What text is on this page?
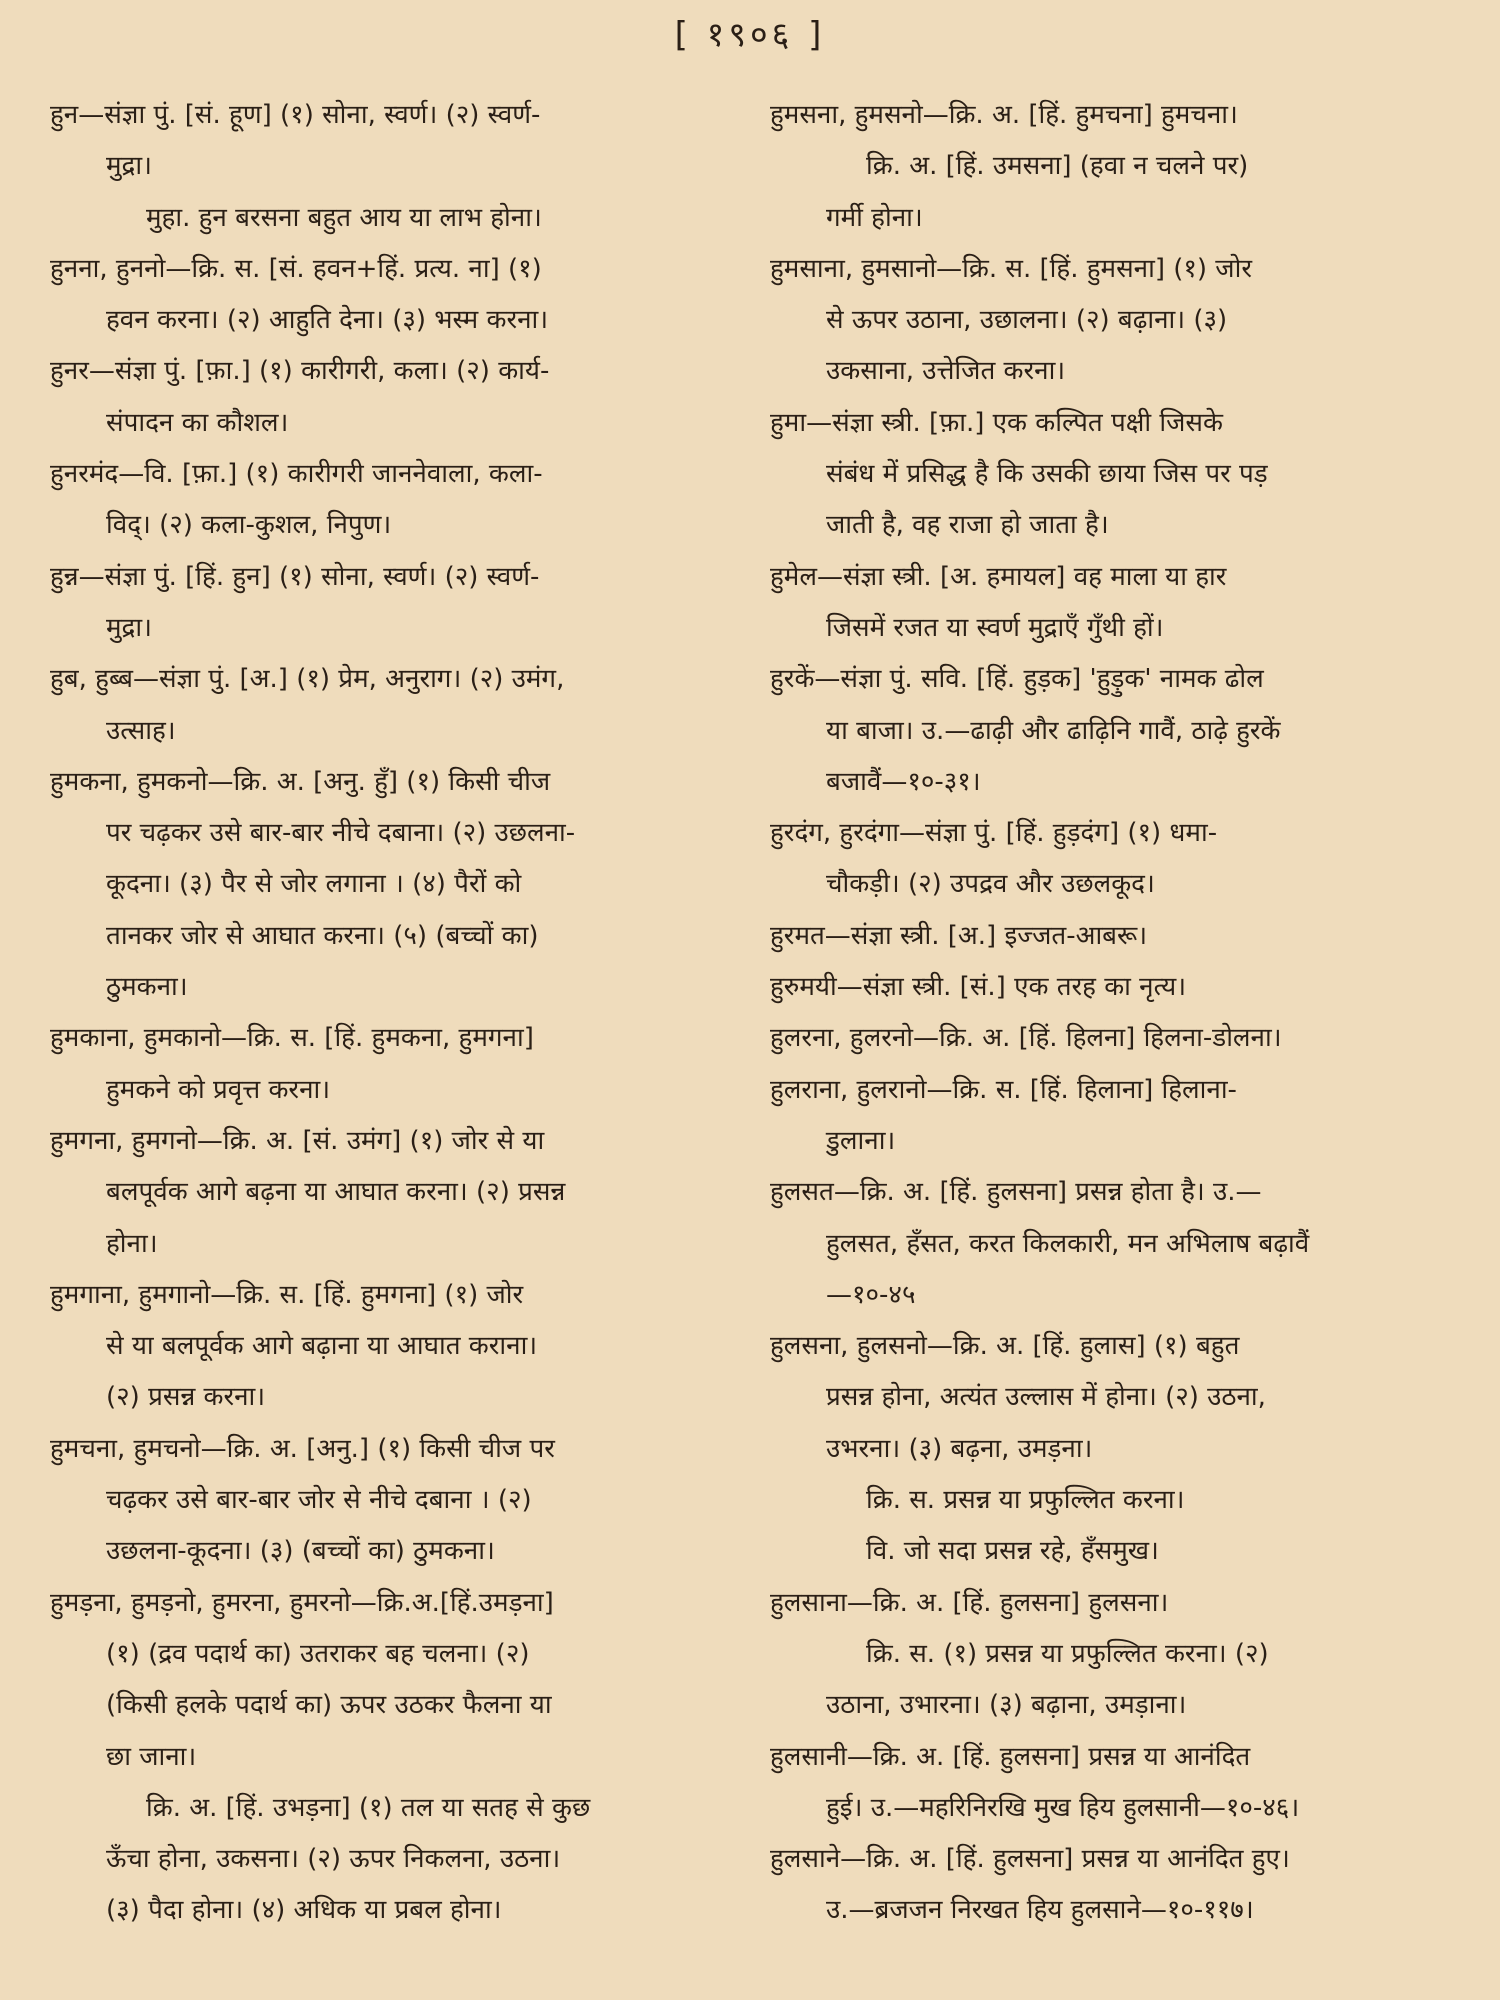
[ १९०६ ]
हुन—संज्ञा पुं. [सं. हूण] (१) सोना, स्वर्ण। (२) स्वर्ण-
मुद्रा।
मुहा. हुन बरसना बहुत आय या लाभ होना।
हुनना, हुननो—क्रि. स. [सं. हवन+हिं. प्रत्य. ना] (१)
हवन करना। (२) आहुति देना। (३) भस्म करना।
हुनर—संज्ञा पुं. [फ़ा.] (१) कारीगरी, कला। (२) कार्य-
संपादन का कौशल।
हुनरमंद—वि. [फ़ा.] (१) कारीगरी जाननेवाला, कला-
विद्। (२) कला-कुशल, निपुण।
हुन्न—संज्ञा पुं. [हिं. हुन] (१) सोना, स्वर्ण। (२) स्वर्ण-
मुद्रा।
हुब, हुब्ब—संज्ञा पुं. [अ.] (१) प्रेम, अनुराग। (२) उमंग,
उत्साह।
हुमकना, हुमकनो—क्रि. अ. [अनु. हुँ] (१) किसी चीज
पर चढ़कर उसे बार-बार नीचे दबाना। (२) उछलना-
कूदना। (३) पैर से जोर लगाना । (४) पैरों को
तानकर जोर से आघात करना। (५) (बच्चों का)
ठुमकना।
हुमकाना, हुमकानो—क्रि. स. [हिं. हुमकना, हुमगना]
हुमकने को प्रवृत्त करना।
हुमगना, हुमगनो—क्रि. अ. [सं. उमंग] (१) जोर से या
बलपूर्वक आगे बढ़ना या आघात करना। (२) प्रसन्न
होना।
हुमगाना, हुमगानो—क्रि. स. [हिं. हुमगना] (१) जोर
से या बलपूर्वक आगे बढ़ाना या आघात कराना।
(२) प्रसन्न करना।
हुमचना, हुमचनो—क्रि. अ. [अनु.] (१) किसी चीज पर
चढ़कर उसे बार-बार जोर से नीचे दबाना । (२)
उछलना-कूदना। (३) (बच्चों का) ठुमकना।
हुमड़ना, हुमड़नो, हुमरना, हुमरनो—क्रि.अ.[हिं.उमड़ना]
(१) (द्रव पदार्थ का) उतराकर बह चलना। (२)
(किसी हलके पदार्थ का) ऊपर उठकर फैलना या
छा जाना।
क्रि. अ. [हिं. उभड़ना] (१) तल या सतह से कुछ
ऊँचा होना, उकसना। (२) ऊपर निकलना, उठना।
(३) पैदा होना। (४) अधिक या प्रबल होना।
हुमसना, हुमसनो—क्रि. अ. [हिं. हुमचना] हुमचना।
क्रि. अ. [हिं. उमसना] (हवा न चलने पर)
गर्मी होना।
हुमसाना, हुमसानो—क्रि. स. [हिं. हुमसना] (१) जोर
से ऊपर उठाना, उछालना। (२) बढ़ाना। (३)
उकसाना, उत्तेजित करना।
हुमा—संज्ञा स्त्री. [फ़ा.] एक कल्पित पक्षी जिसके
संबंध में प्रसिद्ध है कि उसकी छाया जिस पर पड़
जाती है, वह राजा हो जाता है।
हुमेल—संज्ञा स्त्री. [अ. हमायल] वह माला या हार
जिसमें रजत या स्वर्ण मुद्राएँ गुँथी हों।
हुरकें—संज्ञा पुं. सवि. [हिं. हुड़क] 'हुड़ुक' नामक ढोल
या बाजा। उ.—ढाढ़ी और ढाढ़िनि गावैं, ठाढ़े हुरकें
बजावैं—१०-३१।
हुरदंग, हुरदंगा—संज्ञा पुं. [हिं. हुड़दंग] (१) धमा-
चौकड़ी। (२) उपद्रव और उछलकूद।
हुरमत—संज्ञा स्त्री. [अ.] इज्जत-आबरू।
हुरुमयी—संज्ञा स्त्री. [सं.] एक तरह का नृत्य।
हुलरना, हुलरनो—क्रि. अ. [हिं. हिलना] हिलना-डोलना।
हुलराना, हुलरानो—क्रि. स. [हिं. हिलाना] हिलाना-
डुलाना।
हुलसत—क्रि. अ. [हिं. हुलसना] प्रसन्न होता है। उ.—
हुलसत, हँसत, करत किलकारी, मन अभिलाष बढ़ावैं
—१०-४५
हुलसना, हुलसनो—क्रि. अ. [हिं. हुलास] (१) बहुत
प्रसन्न होना, अत्यंत उल्लास में होना। (२) उठना,
उभरना। (३) बढ़ना, उमड़ना।
क्रि. स. प्रसन्न या प्रफुल्लित करना।
वि. जो सदा प्रसन्न रहे, हँसमुख।
हुलसाना—क्रि. अ. [हिं. हुलसना] हुलसना।
क्रि. स. (१) प्रसन्न या प्रफुल्लित करना। (२)
उठाना, उभारना। (३) बढ़ाना, उमड़ाना।
हुलसानी—क्रि. अ. [हिं. हुलसना] प्रसन्न या आनंदित
हुई। उ.—महरिनिरखि मुख हिय हुलसानी—१०-४६।
हुलसाने—क्रि. अ. [हिं. हुलसना] प्रसन्न या आनंदित हुए।
उ.—ब्रजजन निरखत हिय हुलसाने—१०-११७।
